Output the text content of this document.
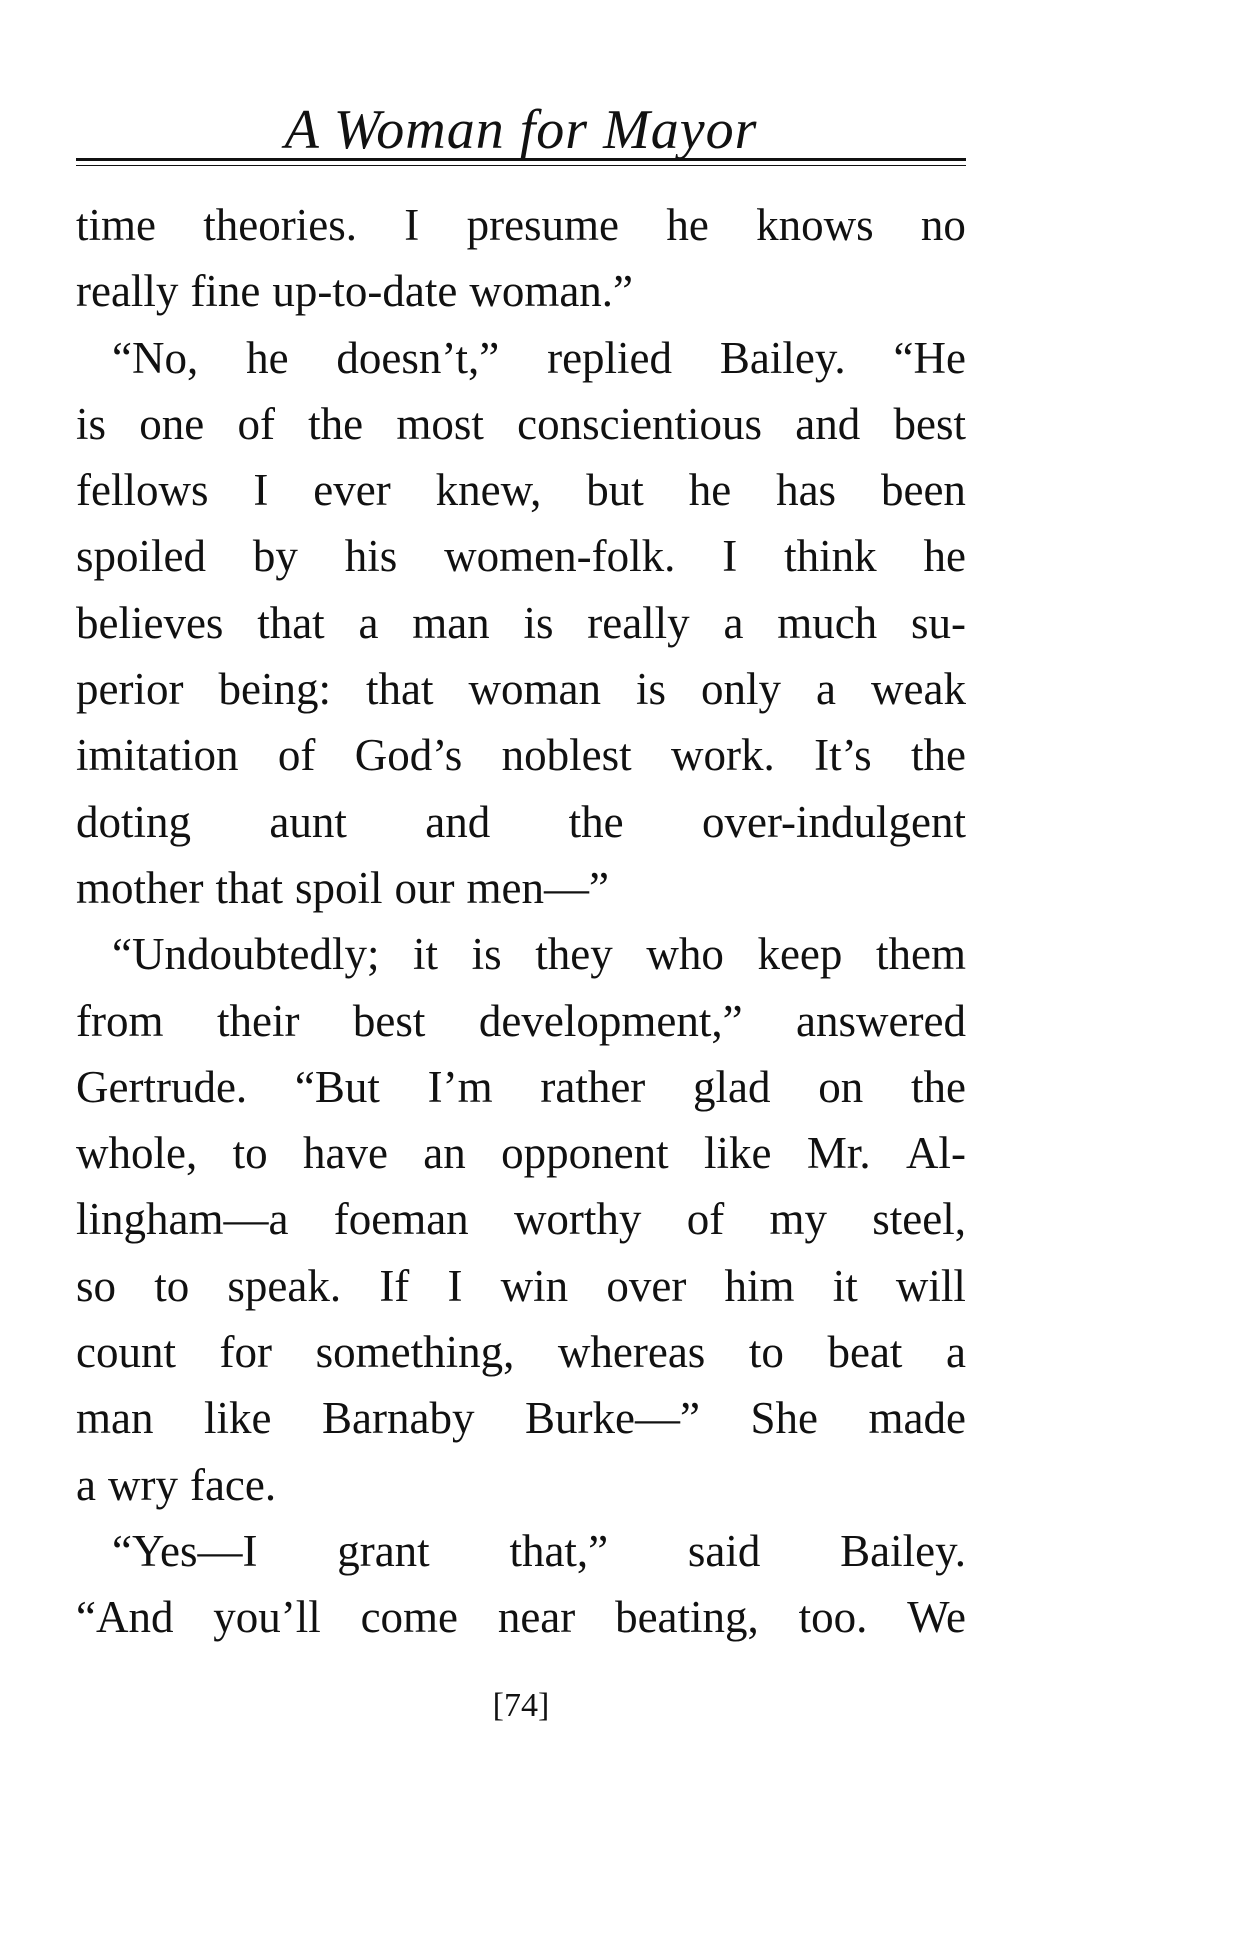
A Woman for Mayor
time theories. I presume he knows no
really fine up-to-date woman.”
“No, he doesn’t,” replied Bailey. “He
is one of the most conscientious and best
fellows I ever knew, but he has been
spoiled by his women-folk. I think he
believes that a man is really a much su-
perior being: that woman is only a weak
imitation of God’s noblest work. It’s the
doting aunt and the over-indulgent
mother that spoil our men—”
“Undoubtedly; it is they who keep them
from their best development,” answered
Gertrude. “But I’m rather glad on the
whole, to have an opponent like Mr. Al-
lingham—a foeman worthy of my steel,
so to speak. If I win over him it will
count for something, whereas to beat a
man like Barnaby Burke—” She made
a wry face.
“Yes—I grant that,” said Bailey.
“And you’ll come near beating, too. We
[74]
